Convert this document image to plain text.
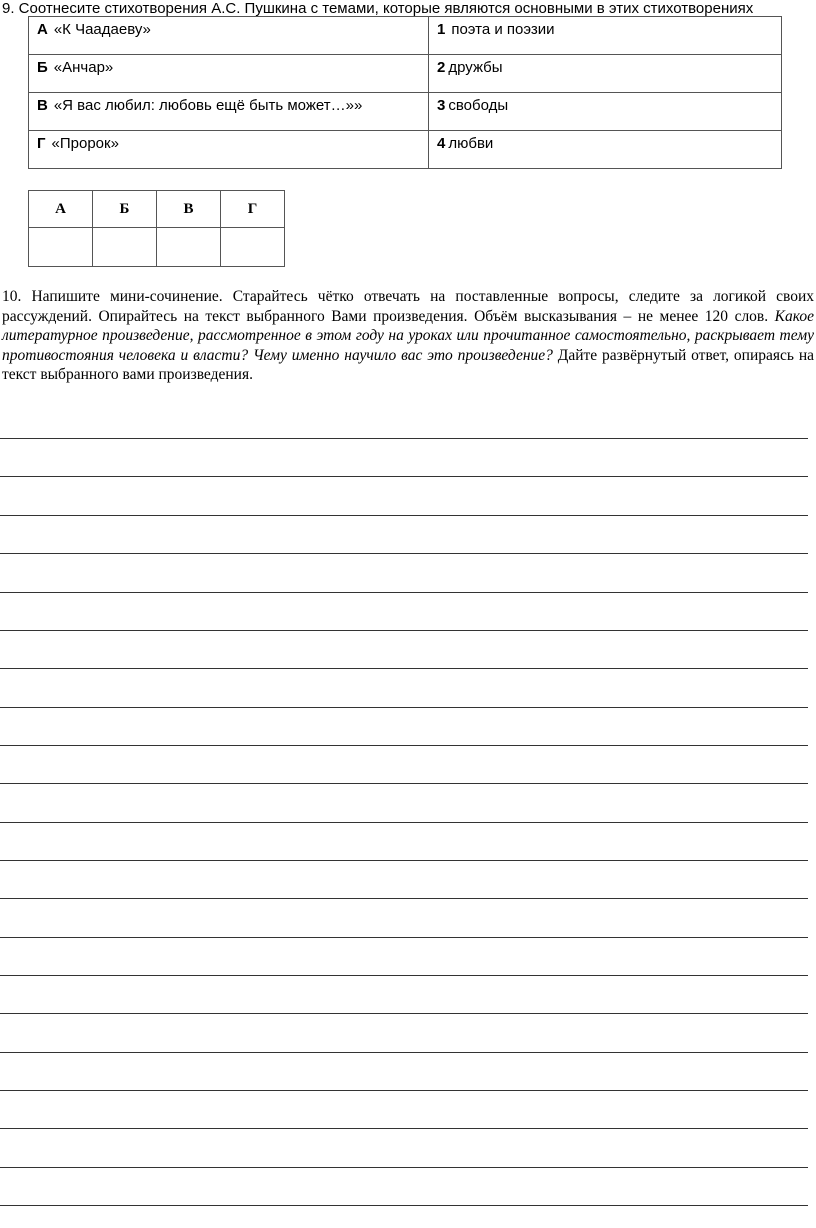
9. Соотнесите стихотворения А.С. Пушкина с темами, которые являются основными в этих стихотворениях
А «К Чаадаеву»	1 поэта и поэзии
Б «Анчар»	2 дружбы
В «Я вас любил: любовь ещё быть может…»»	3 свободы
Г «Пророк»	4 любви
А	Б	В	Г

10. Напишите мини-сочинение. Старайтесь чётко отвечать на поставленные вопросы, следите за логикой своих рассуждений. Опирайтесь на текст выбранного Вами произведения. Объём высказывания – не менее 120 слов. Какое литературное произведение, рассмотренное в этом году на уроках или прочитанное самостоятельно, раскрывает тему противостояния человека и власти? Чему именно научило вас это произведение? Дайте развёрнутый ответ, опираясь на текст выбранного вами произведения.
